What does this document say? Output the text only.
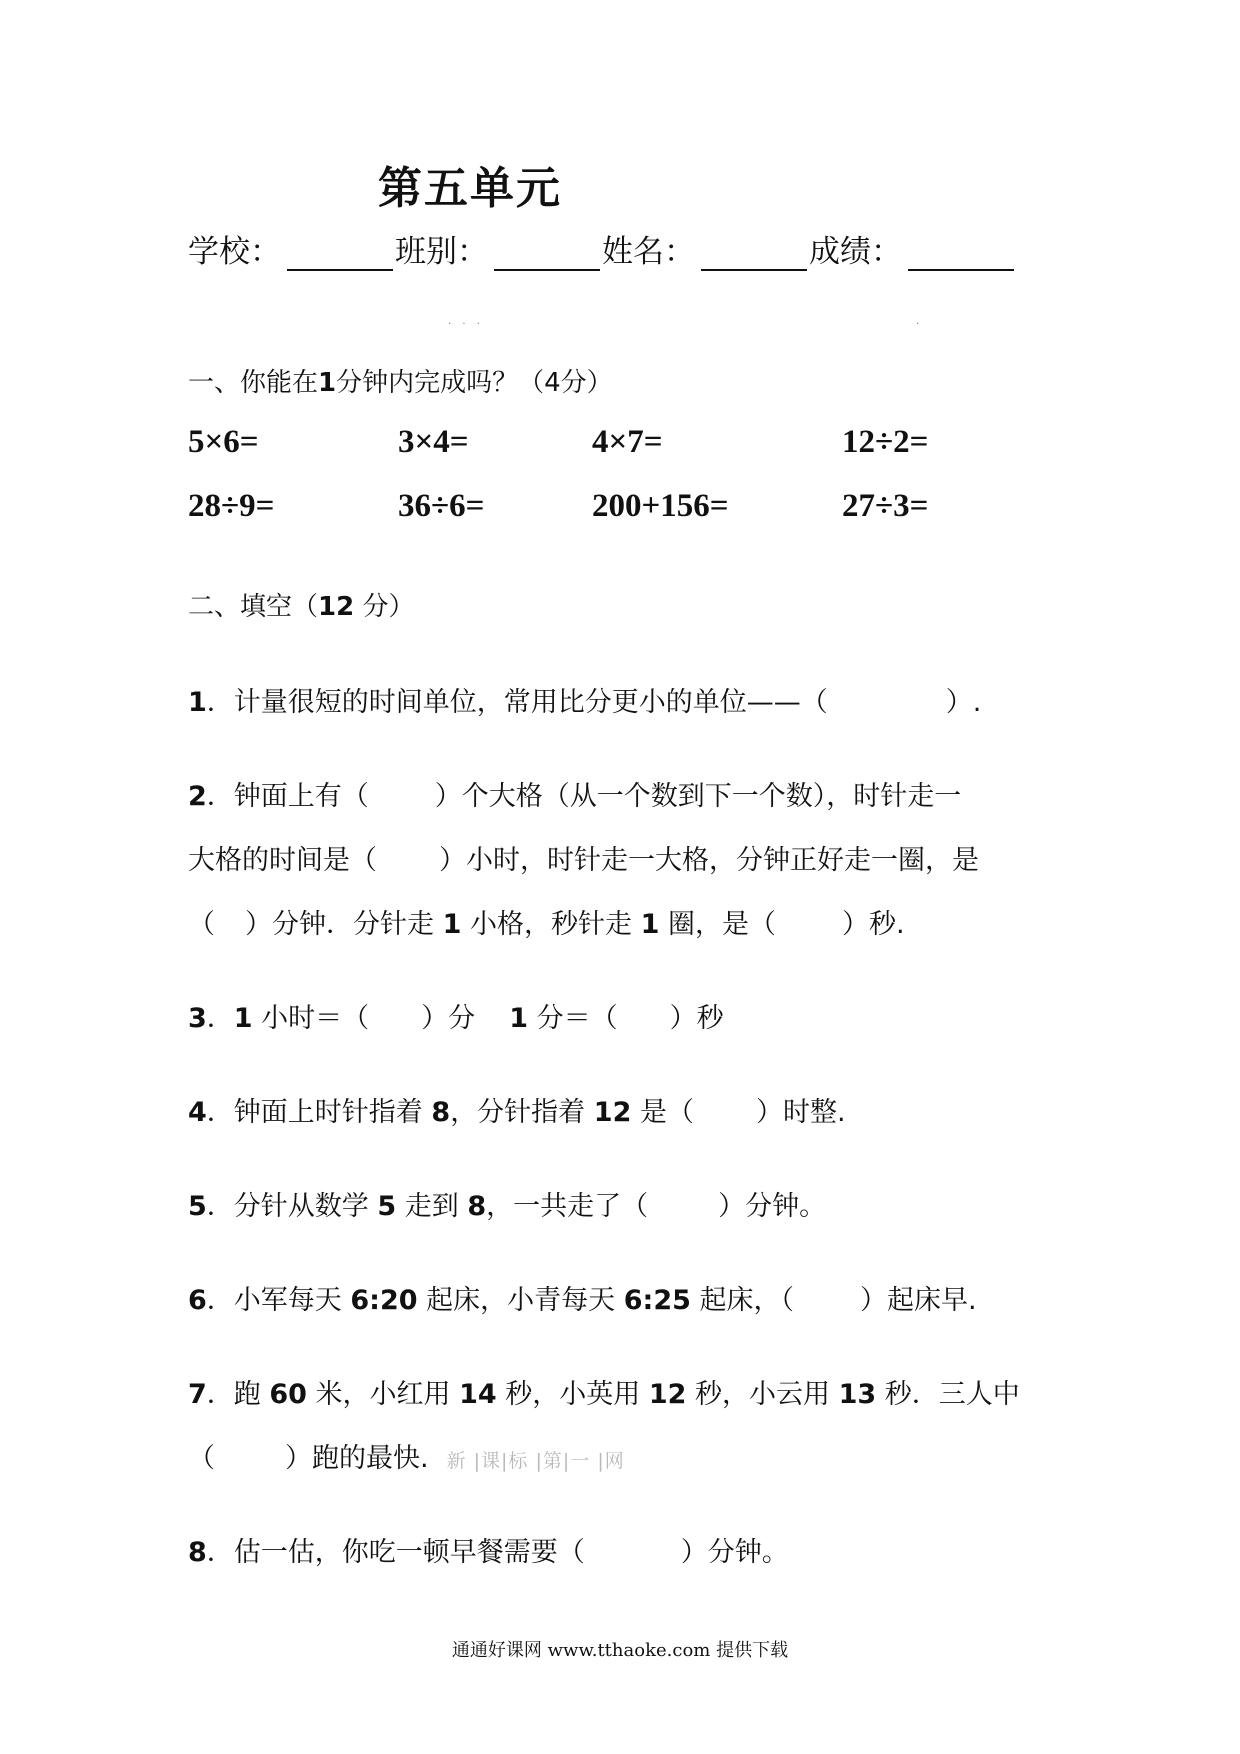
第五单元
学校：	班别：	姓名：	成绩：
. . .	.
一、你能在1分钟内完成吗？（4分）
5×6=	3×4=	4×7=	12÷2=
28÷9=	36÷6=	200+156=	27÷3=
二、填空（12 分）
1．计量很短的时间单位，常用比分更小的单位——（	）.
2．钟面上有（ ）个大格（从一个数到下一个数），时针走一
大格的时间是（ ）小时，时针走一大格，分钟正好走一圈，是
（ ）分钟．分针走 1 小格，秒针走 1 圈，是（ ）秒.
3．1 小时＝（ ）分 1 分＝（ ）秒
4．钟面上时针指着 8，分针指着 12 是（ ）时整.
5．分针从数学 5 走到 8，一共走了（	）分钟。
6．小军每天 6:20 起床，小青每天 6:25 起床，（ ）起床早.
7．跑 60 米，小红用 14 秒，小英用 12 秒，小云用 13 秒．三人中
（	）跑的最快. 新 |课|标 |第|一 |网
8．估一估，你吃一顿早餐需要（	）分钟。
通通好课网 www.tthaoke.com 提供下载
